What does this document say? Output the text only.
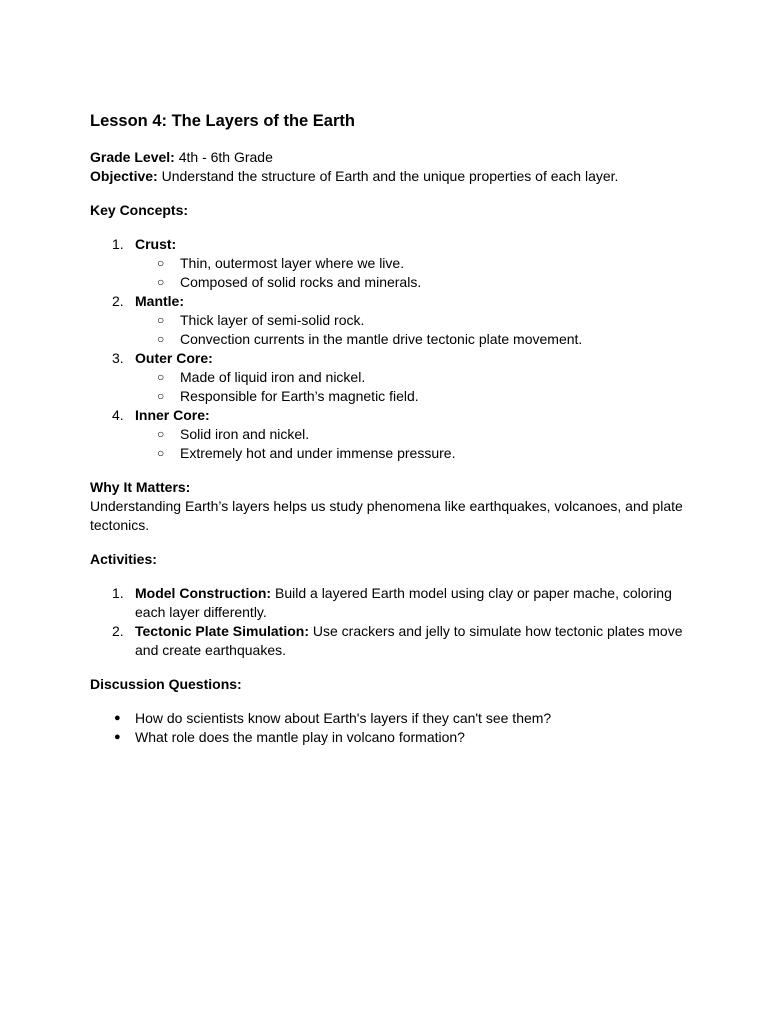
Lesson 4: The Layers of the Earth

Grade Level: 4th - 6th Grade

Objective: Understand the structure of Earth and the unique properties of each layer.

Key Concepts:

1. Crust:
○ Thin, outermost layer where we live.
○ Composed of solid rocks and minerals.
2. Mantle:
○ Thick layer of semi-solid rock.
○ Convection currents in the mantle drive tectonic plate movement.
3. Outer Core:
○ Made of liquid iron and nickel.
○ Responsible for Earth’s magnetic field.
4. Inner Core:
○ Solid iron and nickel.
○ Extremely hot and under immense pressure.

Why It Matters:

Understanding Earth’s layers helps us study phenomena like earthquakes, volcanoes, and plate tectonics.

Activities:

1. Model Construction: Build a layered Earth model using clay or paper mache, coloring each layer differently.
2. Tectonic Plate Simulation: Use crackers and jelly to simulate how tectonic plates move and create earthquakes.

Discussion Questions:

● How do scientists know about Earth's layers if they can't see them?
● What role does the mantle play in volcano formation?
